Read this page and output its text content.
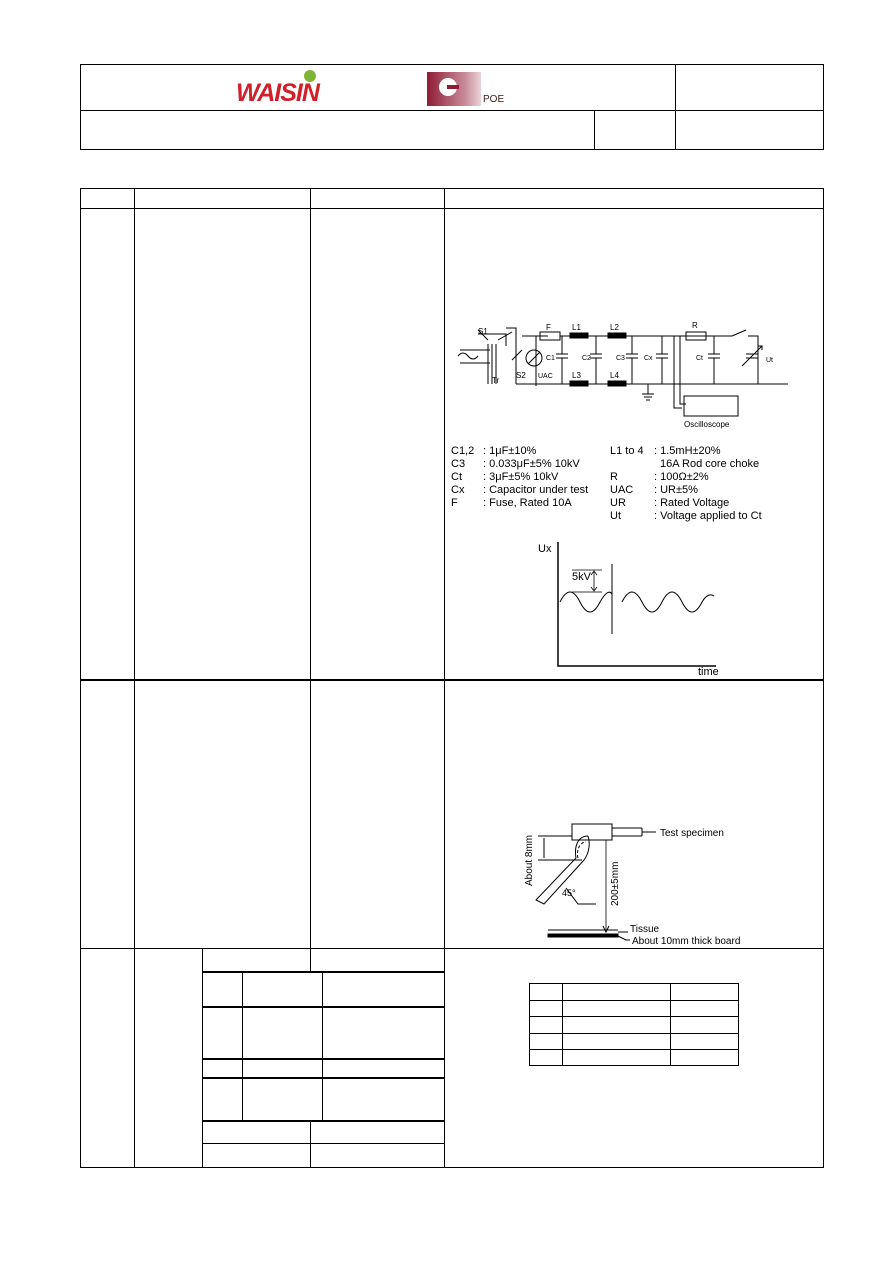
WAISIN	POE
S1
S2
Tr
F	L1	L2
L3	L4
C1	C2	C3	Cx
R
Ct	Ut
UAC
Oscilloscope
C1,2 : 1μF±10%
C3 : 0.033μF±5% 10kV
Ct : 3μF±5% 10kV
Cx : Capacitor under test
F : Fuse, Rated 10A
L1 to 4 : 1.5mH±20%
16A Rod core choke
R	: 100Ω±2%
UAC : UR±5%
UR	: Rated Voltage
Ut	: Voltage applied to Ct
Ux
5kV
time
Test specimen
About 8mm
45°	200±5mm
Tissue
About 10mm thick board
